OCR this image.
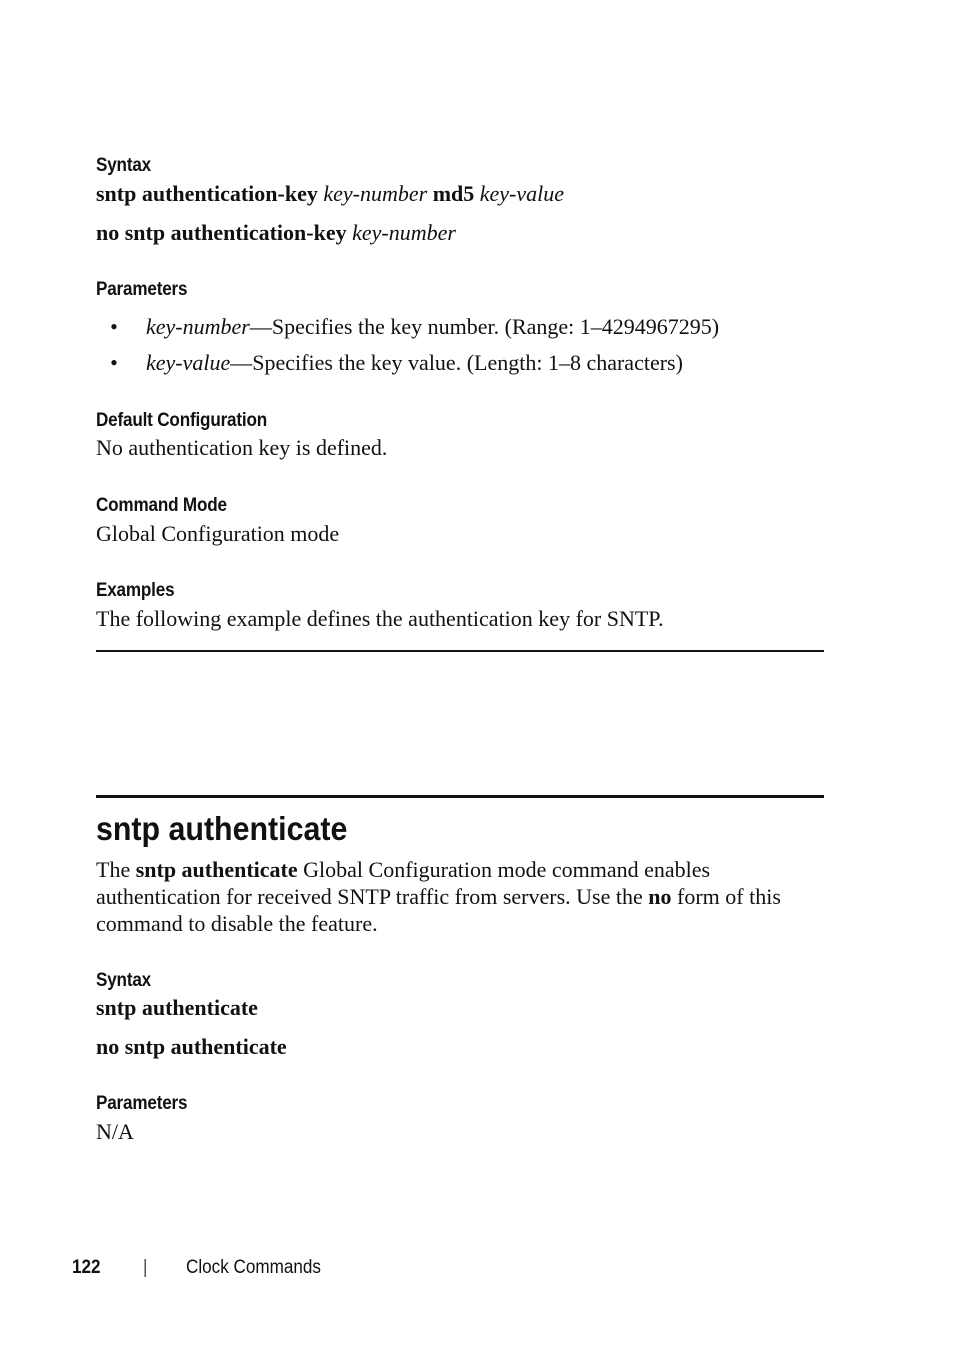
Syntax
sntp authentication-key key-number md5 key-value
no sntp authentication-key key-number
Parameters
• key-number—Specifies the key number. (Range: 1–4294967295)
• key-value—Specifies the key value. (Length: 1–8 characters)
Default Configuration
No authentication key is defined.
Command Mode
Global Configuration mode
Examples
The following example defines the authentication key for SNTP.
sntp authenticate
The sntp authenticate Global Configuration mode command enables
authentication for received SNTP traffic from servers. Use the no form of this
command to disable the feature.
Syntax
sntp authenticate
no sntp authenticate
Parameters
N/A
122 | Clock Commands
